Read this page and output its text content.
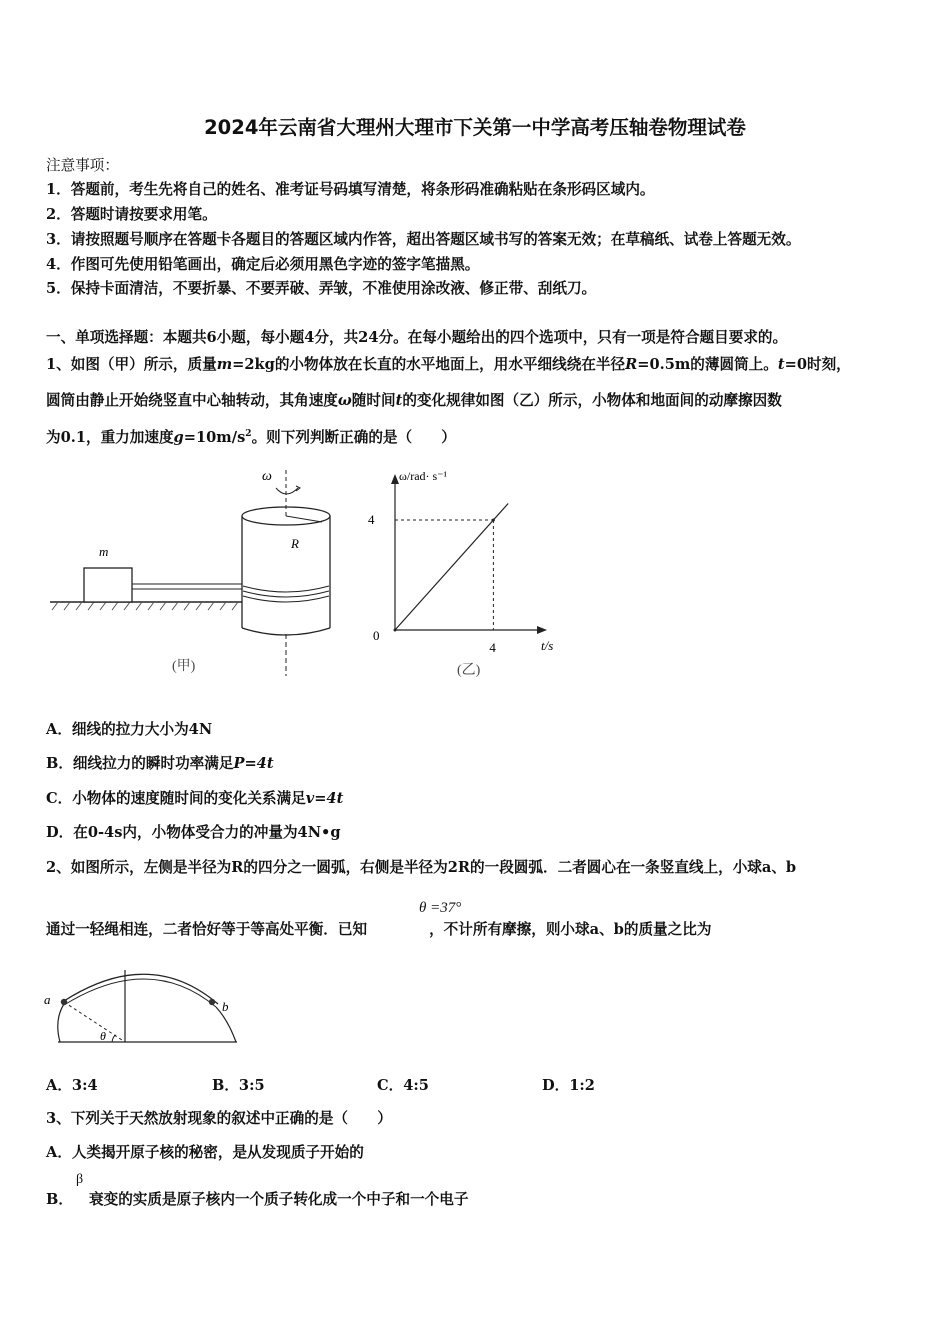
2024年云南省大理州大理市下关第一中学高考压轴卷物理试卷
注意事项：
1．答题前，考生先将自己的姓名、准考证号码填写清楚，将条形码准确粘贴在条形码区域内。
2．答题时请按要求用笔。
3．请按照题号顺序在答题卡各题目的答题区域内作答，超出答题区域书写的答案无效；在草稿纸、试卷上答题无效。
4．作图可先使用铅笔画出，确定后必须用黑色字迹的签字笔描黑。
5．保持卡面清洁，不要折暴、不要弄破、弄皱，不准使用涂改液、修正带、刮纸刀。
一、单项选择题：本题共6小题，每小题4分，共24分。在每小题给出的四个选项中，只有一项是符合题目要求的。
1、如图（甲）所示，质量m=2kg的小物体放在长直的水平地面上，用水平细线绕在半径R=0.5m的薄圆筒上。t=0时刻，
圆筒由静止开始绕竖直中心轴转动，其角速度ω随时间t的变化规律如图（乙）所示，小物体和地面间的动摩擦因数
为0.1，重力加速度$g=10m/s^2$。则下列判断正确的是（　　）
m
ω
R
(甲)
ω/rad· s⁻¹
t/s
0
4
4
(乙)
A．细线的拉力大小为4N
B．细线拉力的瞬时功率满足P=4t
C．小物体的速度随时间的变化关系满足v=4t
D．在0-4s内，小物体受合力的冲量为4N•g
2、如图所示，左侧是半径为R的四分之一圆弧，右侧是半径为2R的一段圆弧．二者圆心在一条竖直线上，小球a、b
通过一轻绳相连，二者恰好等于等高处平衡．已知	，不计所有摩擦，则小球a、b的质量之比为
θ =37°
a	b
θ
A．3:4	B．3:5	C．4:5	D．1:2
3、下列关于天然放射现象的叙述中正确的是（　　）
A．人类揭开原子核的秘密，是从发现质子开始的
B．
β
衰变的实质是原子核内一个质子转化成一个中子和一个电子
